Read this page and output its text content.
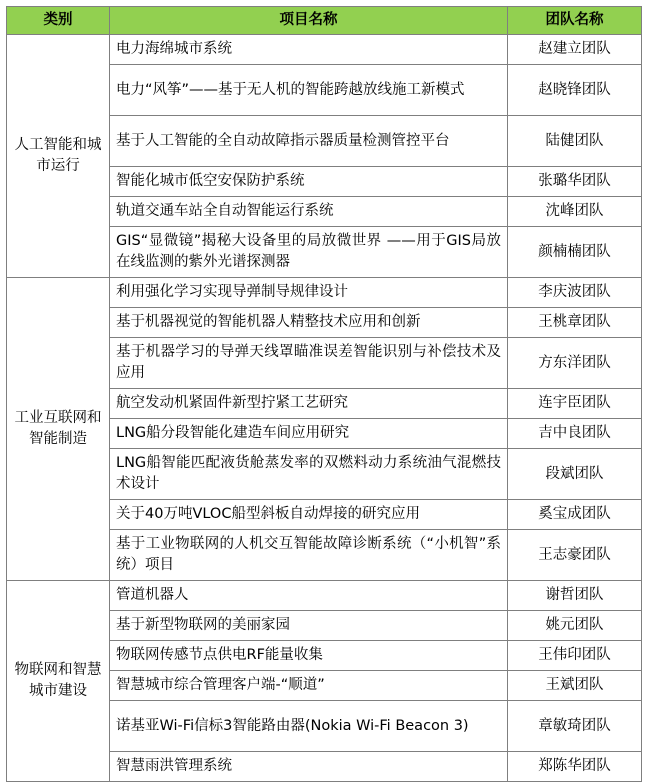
类别	项目名称	团队名称
人工智能和城市运行	电力海绵城市系统	赵建立团队
	电力“风筝”——基于无人机的智能跨越放线施工新模式	赵晓锋团队
	基于人工智能的全自动故障指示器质量检测管控平台	陆健团队
	智能化城市低空安保防护系统	张璐华团队
	轨道交通车站全自动智能运行系统	沈峰团队
	GIS“显微镜”揭秘大设备里的局放微世界 ——用于GIS局放在线监测的紫外光谱探测器	颜楠楠团队
工业互联网和智能制造	利用强化学习实现导弹制导规律设计	李庆波团队
	基于机器视觉的智能机器人精整技术应用和创新	王桃章团队
	基于机器学习的导弹天线罩瞄准误差智能识别与补偿技术及应用	方东洋团队
	航空发动机紧固件新型拧紧工艺研究	连宇臣团队
	LNG船分段智能化建造车间应用研究	吉中良团队
	LNG船智能匹配液货舱蒸发率的双燃料动力系统油气混燃技术设计	段斌团队
	关于40万吨VLOC船型斜板自动焊接的研究应用	奚宝成团队
	基于工业物联网的人机交互智能故障诊断系统（“小机智”系统）项目	王志豪团队
物联网和智慧城市建设	管道机器人	谢哲团队
	基于新型物联网的美丽家园	姚元团队
	物联网传感节点供电RF能量收集	王伟印团队
	智慧城市综合管理客户端-“顺道”	王斌团队
	诺基亚Wi-Fi信标3智能路由器(Nokia Wi-Fi Beacon 3)	章敏琦团队
	智慧雨洪管理系统	郑陈华团队
